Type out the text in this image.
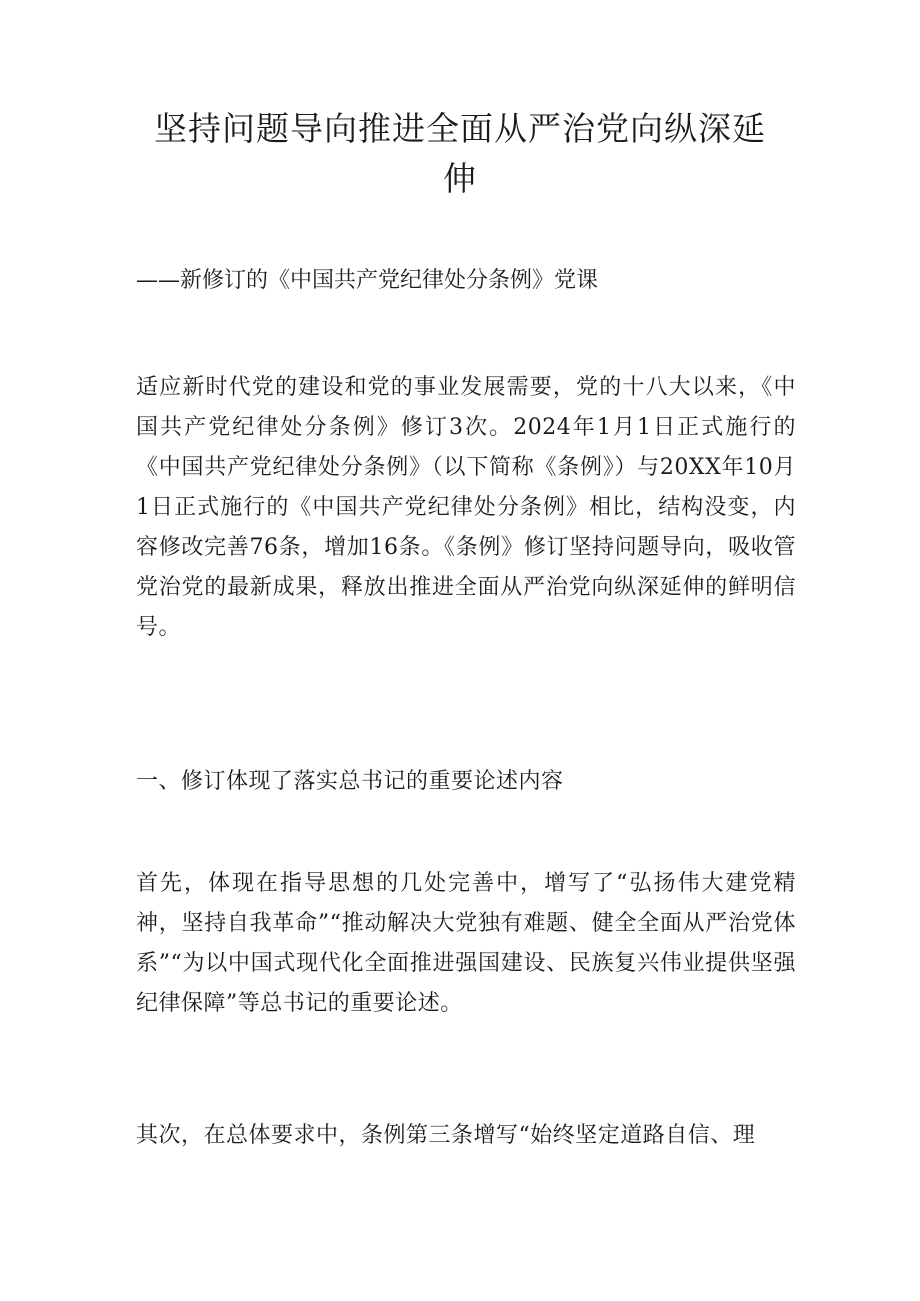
坚持问题导向推进全面从严治党向纵深延伸

——新修订的《中国共产党纪律处分条例》党课

适应新时代党的建设和党的事业发展需要，党的十八大以来，《中国共产党纪律处分条例》修订3次。2024年1月1日正式施行的《中国共产党纪律处分条例》（以下简称《条例》）与20XX年10月1日正式施行的《中国共产党纪律处分条例》相比，结构没变，内容修改完善76条，增加16条。《条例》修订坚持问题导向，吸收管党治党的最新成果，释放出推进全面从严治党向纵深延伸的鲜明信号。

一、修订体现了落实总书记的重要论述内容

首先，体现在指导思想的几处完善中，增写了“弘扬伟大建党精神，坚持自我革命”“推动解决大党独有难题、健全全面从严治党体系”“为以中国式现代化全面推进强国建设、民族复兴伟业提供坚强纪律保障”等总书记的重要论述。

其次，在总体要求中，条例第三条增写“始终坚定道路自信、理
